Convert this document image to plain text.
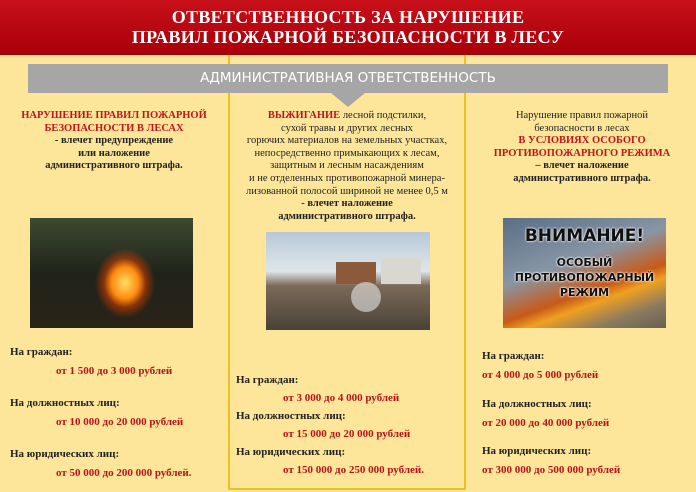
ОТВЕТСТВЕННОСТЬ ЗА НАРУШЕНИЕ
ПРАВИЛ ПОЖАРНОЙ БЕЗОПАСНОСТИ В ЛЕСУ
АДМИНИСТРАТИВНАЯ ОТВЕТСТВЕННОСТЬ
НАРУШЕНИЕ ПРАВИЛ ПОЖАРНОЙ
БЕЗОПАСНОСТИ В ЛЕСАХ
- влечет предупреждение
или наложение
административного штрафа.
На граждан:
от 1 500 до 3 000 рублей
На должностных лиц:
от 10 000 до 20 000 рублей
На юридических лиц:
от 50 000 до 200 000 рублей.
ВЫЖИГАНИЕ лесной подстилки,
сухой травы и других лесных
горючих материалов на земельных участках,
непосредственно примыкающих к лесам,
защитным и лесным насаждениям
и не отделенных противопожарной минера-
лизованной полосой шириной не менее 0,5 м
- влечет наложение
административного штрафа.
На граждан:
от 3 000 до 4 000 рублей
На должностных лиц:
от 15 000 до 20 000 рублей
На юридических лиц:
от 150 000 до 250 000 рублей.
Нарушение правил пожарной
безопасности в лесах
В УСЛОВИЯХ ОСОБОГО
ПРОТИВОПОЖАРНОГО РЕЖИМА
– влечет наложение
административного штрафа.
ВНИМАНИЕ!
ОСОБЫЙ
ПРОТИВОПОЖАРНЫЙ
РЕЖИМ
На граждан:
от 4 000 до 5 000 рублей
На должностных лиц:
от 20 000 до 40 000 рублей
На юридических лиц:
от 300 000 до 500 000 рублей
